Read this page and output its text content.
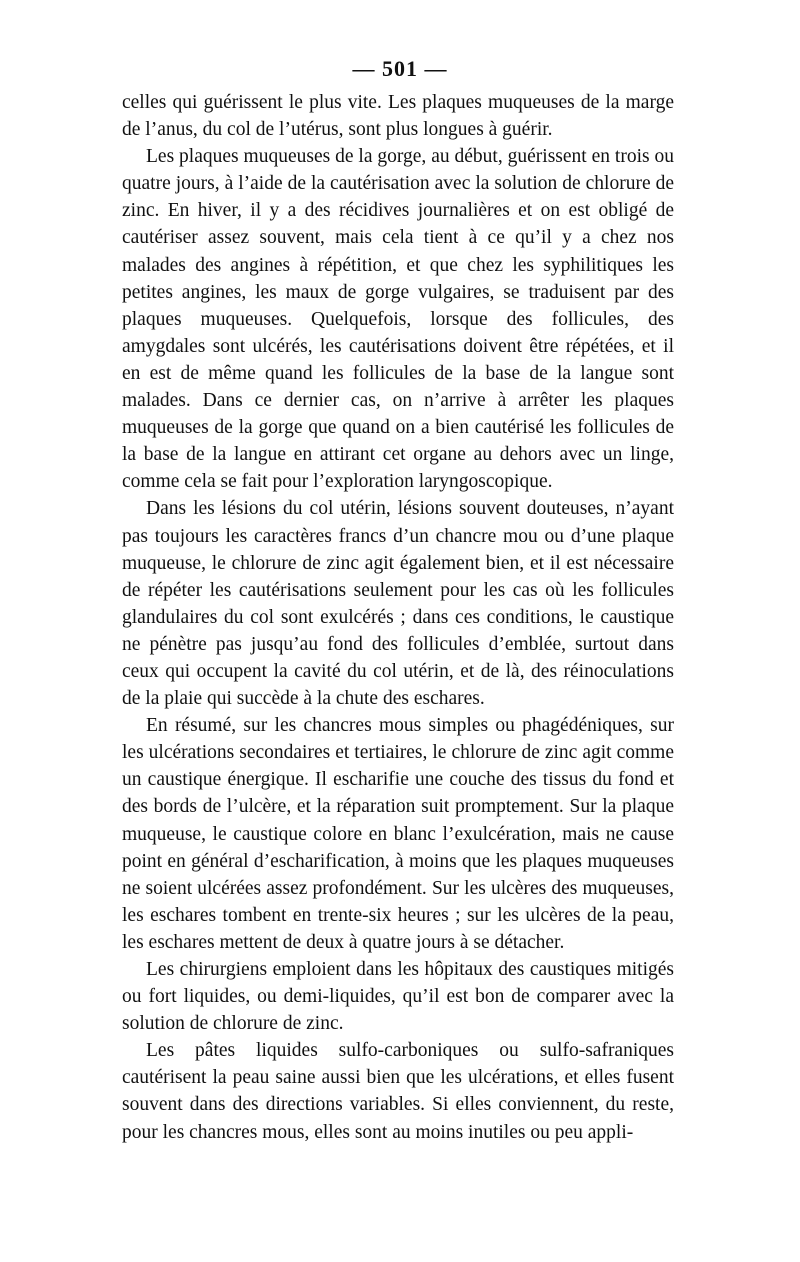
— 501 —

celles qui guérissent le plus vite. Les plaques muqueuses de la marge de l’anus, du col de l’utérus, sont plus longues à guérir.

Les plaques muqueuses de la gorge, au début, guérissent en trois ou quatre jours, à l’aide de la cautérisation avec la solution de chlorure de zinc. En hiver, il y a des récidives journalières et on est obligé de cautériser assez souvent, mais cela tient à ce qu’il y a chez nos malades des angines à répétition, et que chez les syphilitiques les petites angines, les maux de gorge vulgaires, se traduisent par des plaques muqueuses. Quelquefois, lorsque des follicules, des amygdales sont ulcérés, les cautérisations doivent être répétées, et il en est de même quand les follicules de la base de la langue sont malades. Dans ce dernier cas, on n’arrive à arrêter les plaques muqueuses de la gorge que quand on a bien cautérisé les follicules de la base de la langue en attirant cet organe au dehors avec un linge, comme cela se fait pour l’exploration laryngoscopique.

Dans les lésions du col utérin, lésions souvent douteuses, n’ayant pas toujours les caractères francs d’un chancre mou ou d’une plaque muqueuse, le chlorure de zinc agit également bien, et il est nécessaire de répéter les cautérisations seulement pour les cas où les follicules glandulaires du col sont exulcérés ; dans ces conditions, le caustique ne pénètre pas jusqu’au fond des follicules d’emblée, surtout dans ceux qui occupent la cavité du col utérin, et de là, des réinoculations de la plaie qui succède à la chute des eschares.

En résumé, sur les chancres mous simples ou phagédéniques, sur les ulcérations secondaires et tertiaires, le chlorure de zinc agit comme un caustique énergique. Il escharifie une couche des tissus du fond et des bords de l’ulcère, et la réparation suit promptement. Sur la plaque muqueuse, le caustique colore en blanc l’exulcération, mais ne cause point en général d’escharification, à moins que les plaques muqueuses ne soient ulcérées assez profondément. Sur les ulcères des muqueuses, les eschares tombent en trente-six heures ; sur les ulcères de la peau, les eschares mettent de deux à quatre jours à se détacher.

Les chirurgiens emploient dans les hôpitaux des caustiques mitigés ou fort liquides, ou demi-liquides, qu’il est bon de comparer avec la solution de chlorure de zinc.

Les pâtes liquides sulfo-carboniques ou sulfo-safraniques cautérisent la peau saine aussi bien que les ulcérations, et elles fusent souvent dans des directions variables. Si elles conviennent, du reste, pour les chancres mous, elles sont au moins inutiles ou peu appli-
